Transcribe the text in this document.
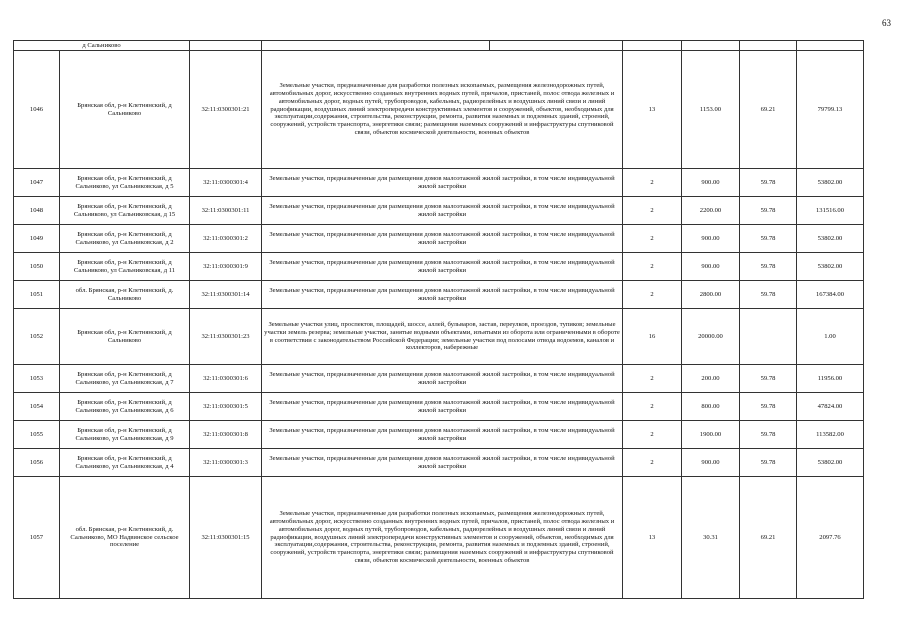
63
д Сальниково								
1046	Брянская обл, р-н Клетнянский, д Сальниково	32:11:0300301:21	Земельные участки, предназначенные для разработки полезных ископаемых, размещения железнодорожных путей, автомобильных дорог, искусственно созданных внутренних водных путей, причалов, пристаней, полос отвода железных и автомобильных дорог, водных путей, трубопроводов, кабельных, радиорелейных и воздушных линий связи и линий радиофикации, воздушных линий электропередачи конструктивных элементов и сооружений, объектов, необходимых для эксплуатации,содержания, строительства, реконструкции, ремонта, развития наземных и подземных зданий, строений, сооружений, устройств транспорта, энергетики связи; размещения наземных сооружений и инфраструктуры спутниковой связи, объектов космической деятельности, военных объектов		13	1153.00	69.21	79799.13
1047	Брянская обл, р-н Клетнянский, д Сальниково, ул Сальниковская, д 5	32:11:0300301:4	Земельные участки, предназначенные для размещения домов малоэтажной жилой застройки, в том числе индивидуальной жилой застройки		2	900.00	59.78	53802.00
1048	Брянская обл, р-н Клетнянский, д Сальниково, ул Сальниковская, д 15	32:11:0300301:11	Земельные участки, предназначенные для размещения домов малоэтажной жилой застройки, в том числе индивидуальной жилой застройки		2	2200.00	59.78	131516.00
1049	Брянская обл, р-н Клетнянский, д Сальниково, ул Сальниковская, д 2	32:11:0300301:2	Земельные участки, предназначенные для размещения домов малоэтажной жилой застройки, в том числе индивидуальной жилой застройки		2	900.00	59.78	53802.00
1050	Брянская обл, р-н Клетнянский, д Сальниково, ул Сальниковская, д 11	32:11:0300301:9	Земельные участки, предназначенные для размещения домов малоэтажной жилой застройки, в том числе индивидуальной жилой застройки		2	900.00	59.78	53802.00
1051	обл. Брянская, р-н Клетнянский, д. Сальниково	32:11:0300301:14	Земельные участки, предназначенные для размещения домов малоэтажной жилой застройки, в том числе индивидуальной жилой застройки		2	2800.00	59.78	167384.00
1052	Брянская обл, р-н Клетнянский, д Сальниково	32:11:0300301:23	Земельные участки улиц, проспектов, площадей, шоссе, аллей, бульваров, застав, переулков, проездов, тупиков; земельные участки земель резерва; земельные участки, занятые водными объектами, изъятыми из оборота или ограниченными в обороте в соответствии с законодательством Российской Федерации; земельные участки под полосами отвода водоемов, каналов и коллекторов, набережные		16	20000.00		1.00
1053	Брянская обл, р-н Клетнянский, д Сальниково, ул Сальниковская, д 7	32:11:0300301:6	Земельные участки, предназначенные для размещения домов малоэтажной жилой застройки, в том числе индивидуальной жилой застройки		2	200.00	59.78	11956.00
1054	Брянская обл, р-н Клетнянский, д Сальниково, ул Сальниковская, д 6	32:11:0300301:5	Земельные участки, предназначенные для размещения домов малоэтажной жилой застройки, в том числе индивидуальной жилой застройки		2	800.00	59.78	47824.00
1055	Брянская обл, р-н Клетнянский, д Сальниково, ул Сальниковская, д 9	32:11:0300301:8	Земельные участки, предназначенные для размещения домов малоэтажной жилой застройки, в том числе индивидуальной жилой застройки		2	1900.00	59.78	113582.00
1056	Брянская обл, р-н Клетнянский, д Сальниково, ул Сальниковская, д 4	32:11:0300301:3	Земельные участки, предназначенные для размещения домов малоэтажной жилой застройки, в том числе индивидуальной жилой застройки		2	900.00	59.78	53802.00
1057	обл. Брянская, р-н Клетнянский, д. Сальниково, МО Надвинское сельское поселение	32:11:0300301:15	Земельные участки, предназначенные для разработки полезных ископаемых, размещения железнодорожных путей, автомобильных дорог, искусственно созданных внутренних водных путей, причалов, пристаней, полос отвода железных и автомобильных дорог, водных путей, трубопроводов, кабельных, радиорелейных и воздушных линий связи и линий радиофикации, воздушных линий электропередачи конструктивных элементов и сооружений, объектов, необходимых для эксплуатации,содержания, строительства, реконструкции, ремонта, развития наземных и подземных зданий, строений, сооружений, устройств транспорта, энергетики связи; размещения наземных сооружений и инфраструктуры спутниковой связи, объектов космической деятельности, военных объектов		13	30.31	69.21	2097.76
